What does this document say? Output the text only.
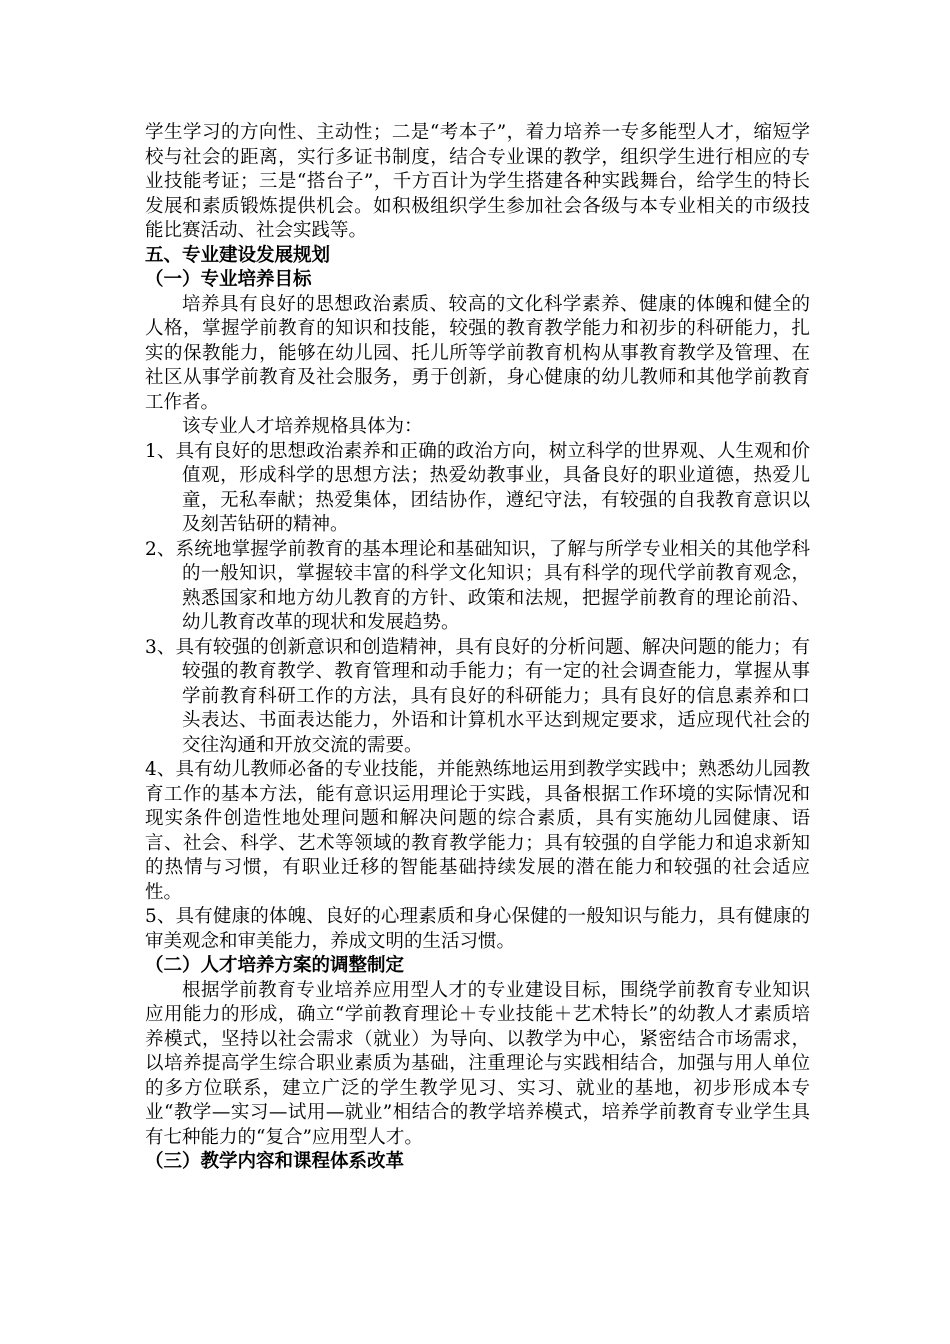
学生学习的方向性、主动性；二是“考本子”，着力培养一专多能型人才，缩短学校与社会的距离，实行多证书制度，结合专业课的教学，组织学生进行相应的专业技能考证；三是“搭台子”，千方百计为学生搭建各种实践舞台，给学生的特长发展和素质锻炼提供机会。如积极组织学生参加社会各级与本专业相关的市级技能比赛活动、社会实践等。
五、专业建设发展规划
（一）专业培养目标
培养具有良好的思想政治素质、较高的文化科学素养、健康的体魄和健全的人格，掌握学前教育的知识和技能，较强的教育教学能力和初步的科研能力，扎实的保教能力，能够在幼儿园、托儿所等学前教育机构从事教育教学及管理、在社区从事学前教育及社会服务，勇于创新，身心健康的幼儿教师和其他学前教育工作者。
该专业人才培养规格具体为：
1、具有良好的思想政治素养和正确的政治方向，树立科学的世界观、人生观和价值观，形成科学的思想方法；热爱幼教事业，具备良好的职业道德，热爱儿童，无私奉献；热爱集体，团结协作，遵纪守法，有较强的自我教育意识以及刻苦钻研的精神。
2、系统地掌握学前教育的基本理论和基础知识，了解与所学专业相关的其他学科的一般知识，掌握较丰富的科学文化知识；具有科学的现代学前教育观念，熟悉国家和地方幼儿教育的方针、政策和法规，把握学前教育的理论前沿、幼儿教育改革的现状和发展趋势。
3、具有较强的创新意识和创造精神，具有良好的分析问题、解决问题的能力；有较强的教育教学、教育管理和动手能力；有一定的社会调查能力，掌握从事学前教育科研工作的方法，具有良好的科研能力；具有良好的信息素养和口头表达、书面表达能力，外语和计算机水平达到规定要求，适应现代社会的交往沟通和开放交流的需要。
4、具有幼儿教师必备的专业技能，并能熟练地运用到教学实践中；熟悉幼儿园教育工作的基本方法，能有意识运用理论于实践，具备根据工作环境的实际情况和现实条件创造性地处理问题和解决问题的综合素质，具有实施幼儿园健康、语言、社会、科学、艺术等领域的教育教学能力；具有较强的自学能力和追求新知的热情与习惯，有职业迁移的智能基础持续发展的潜在能力和较强的社会适应性。
5、具有健康的体魄、良好的心理素质和身心保健的一般知识与能力，具有健康的审美观念和审美能力，养成文明的生活习惯。
（二）人才培养方案的调整制定
根据学前教育专业培养应用型人才的专业建设目标，围绕学前教育专业知识应用能力的形成，确立“学前教育理论＋专业技能＋艺术特长”的幼教人才素质培养模式，坚持以社会需求（就业）为导向、以教学为中心，紧密结合市场需求，以培养提高学生综合职业素质为基础，注重理论与实践相结合，加强与用人单位的多方位联系，建立广泛的学生教学见习、实习、就业的基地，初步形成本专业“教学—实习—试用—就业”相结合的教学培养模式，培养学前教育专业学生具有七种能力的“复合”应用型人才。
（三）教学内容和课程体系改革
